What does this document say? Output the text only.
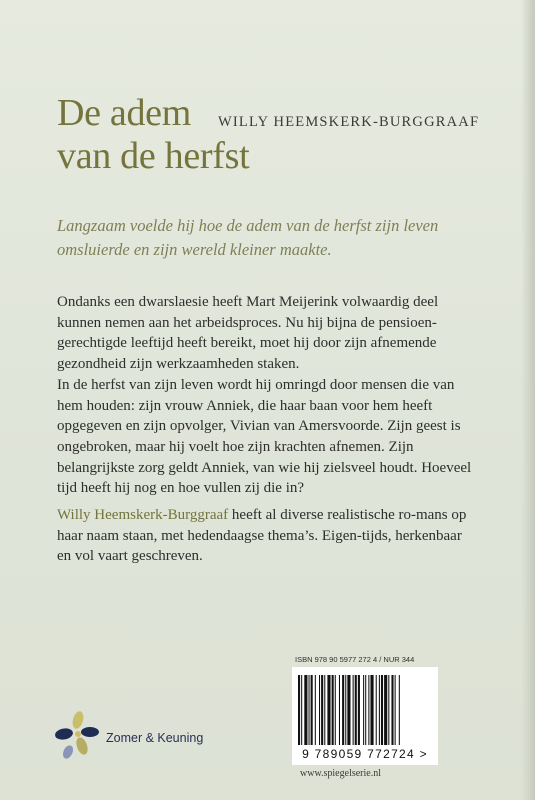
De adem
van de herfst
WILLY HEEMSKERK-BURGGRAAF
Langzaam voelde hij hoe de adem van de herfst zijn leven omsluierde en zijn wereld kleiner maakte.

Ondanks een dwarslaesie heeft Mart Meijerink volwaardig deel kunnen nemen aan het arbeidsproces. Nu hij bijna de pensioen-gerechtigde leeftijd heeft bereikt, moet hij door zijn afnemende gezondheid zijn werkzaamheden staken.

In de herfst van zijn leven wordt hij omringd door mensen die van hem houden: zijn vrouw Anniek, die haar baan voor hem heeft opgegeven en zijn opvolger, Vivian van Amersvoorde. Zijn geest is ongebroken, maar hij voelt hoe zijn krachten afnemen. Zijn belangrijkste zorg geldt Anniek, van wie hij zielsveel houdt. Hoeveel tijd heeft hij nog en hoe vullen zij die in?

Willy Heemskerk-Burggraaf heeft al diverse realistische ro-mans op haar naam staan, met hedendaagse thema’s. Eigen-tijds, herkenbaar en vol vaart geschreven.
ISBN 978 90 5977 272 4 / NUR 344
9 789059 772724 >
www.spiegelserie.nl
Zomer & Keuning
